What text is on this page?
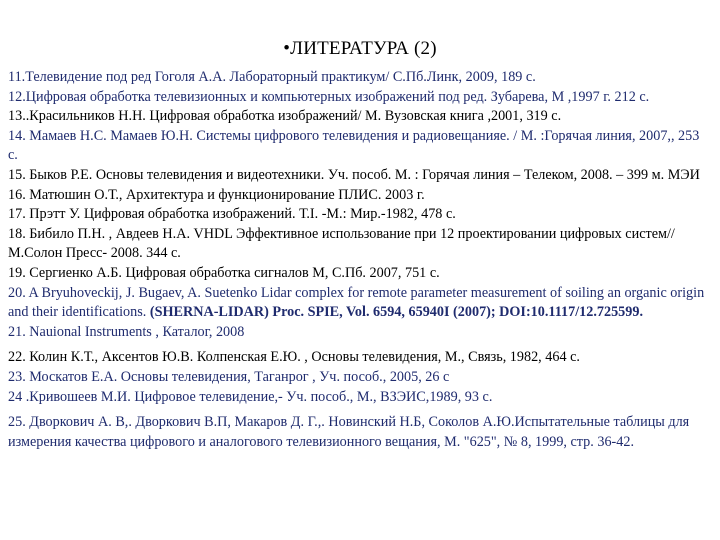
•ЛИТЕРАТУРА (2)

11.Телевидение под ред Гоголя А.А. Лабораторный практикум/ С.Пб.Линк, 2009, 189 с.

12.Цифровая обработка телевизионных и компьютерных изображений под ред. Зубарева, М ,1997 г. 212 с.

13..Красильников Н.Н. Цифровая обработка изображений/ М. Вузовская книга ,2001, 319 с.

14. Мамаев Н.С. Мамаев Ю.Н. Системы цифрового телевидения и радиовещанияе. / М. :Горячая линия, 2007,, 253 с.

15. Быков Р.Е. Основы телевидения и видеотехники. Уч. пособ. М. : Горячая линия – Телеком, 2008. – 399 м. МЭИ

16. Матюшин О.Т., Архитектура и функционирование ПЛИС. 2003 г.

17. Прэтт У. Цифровая обработка изображений. Т.I. -М.: Мир.-1982, 478 с.

18. Бибило П.Н. , Авдеев Н.А. VHDL Эффективное использование при 12 проектировании цифровых систем// М.Солон Пресс- 2008. 344 с.

19. Сергиенко А.Б. Цифровая обработка сигналов М, С.Пб. 2007, 751 с.

20. A Bryuhoveckij, J. Bugaev, A. Suetenko Lidar complex for remote parameter measurement of soiling an organic origin and their identifications. (SHERNA-LIDAR) Proc. SPIE, Vol. 6594, 65940I (2007); DOI:10.1117/12.725599.

21. Nauional Instruments , Каталог, 2008

22. Колин К.Т., Аксентов Ю.В. Колпенская Е.Ю. , Основы телевидения, М., Связь, 1982, 464 с.

23. Москатов Е.А. Основы телевидения, Таганрог , Уч. пособ., 2005, 26 с

24 .Кривошеев М.И. Цифровое телевидение,- Уч. пособ., М., ВЗЭИС,1989, 93 с.

25. Дворкович А. В,. Дворкович В.П, Макаров Д. Г.,. Новинский Н.Б, Соколов А.Ю.Испытательные таблицы для измерения качества цифрового и аналогового телевизионного вещания, М. "625", № 8, 1999, стр. 36-42.
